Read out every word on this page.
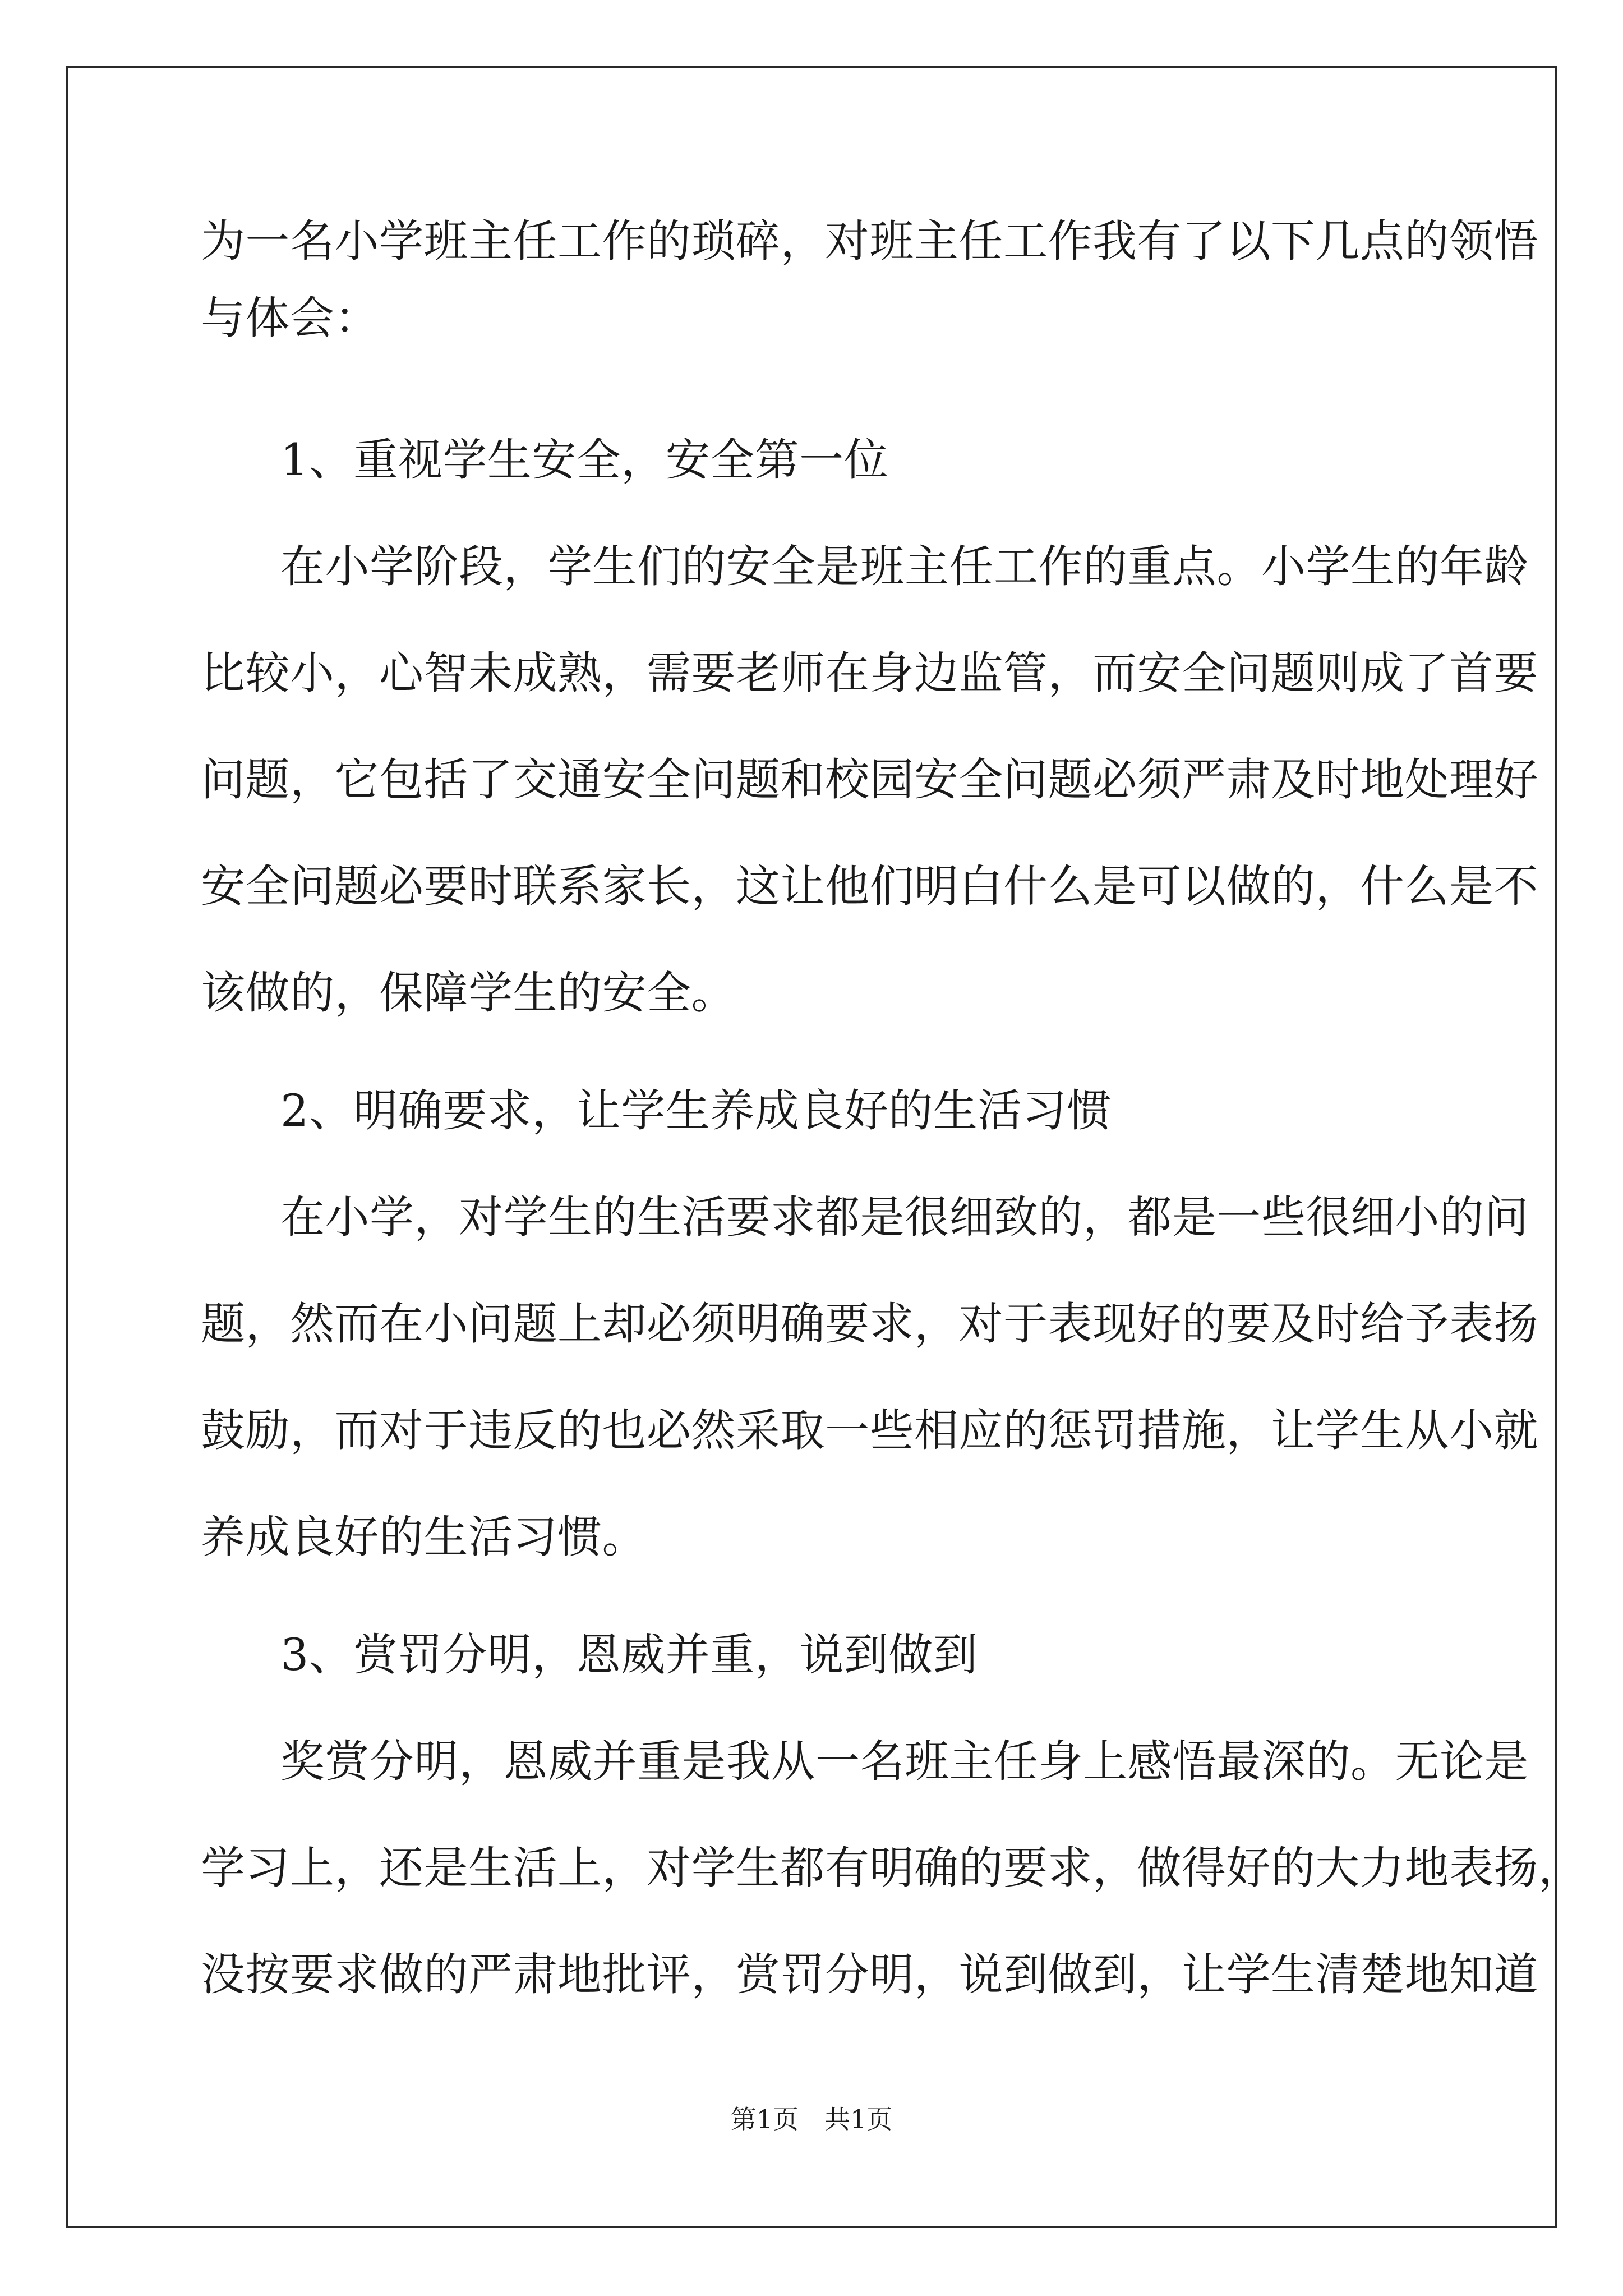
为一名小学班主任工作的琐碎，对班主任工作我有了以下几点的领悟
与体会：
1、重视学生安全，安全第一位
在小学阶段，学生们的安全是班主任工作的重点。小学生的年龄
比较小，心智未成熟，需要老师在身边监管，而安全问题则成了首要
问题，它包括了交通安全问题和校园安全问题必须严肃及时地处理好
安全问题必要时联系家长，这让他们明白什么是可以做的，什么是不
该做的，保障学生的安全。
2、明确要求，让学生养成良好的生活习惯
在小学，对学生的生活要求都是很细致的，都是一些很细小的问
题，然而在小问题上却必须明确要求，对于表现好的要及时给予表扬
鼓励，而对于违反的也必然采取一些相应的惩罚措施，让学生从小就
养成良好的生活习惯。
3、赏罚分明，恩威并重，说到做到
奖赏分明，恩威并重是我从一名班主任身上感悟最深的。无论是
学习上，还是生活上，对学生都有明确的要求，做得好的大力地表扬，
没按要求做的严肃地批评，赏罚分明，说到做到，让学生清楚地知道
第1页　共1页
